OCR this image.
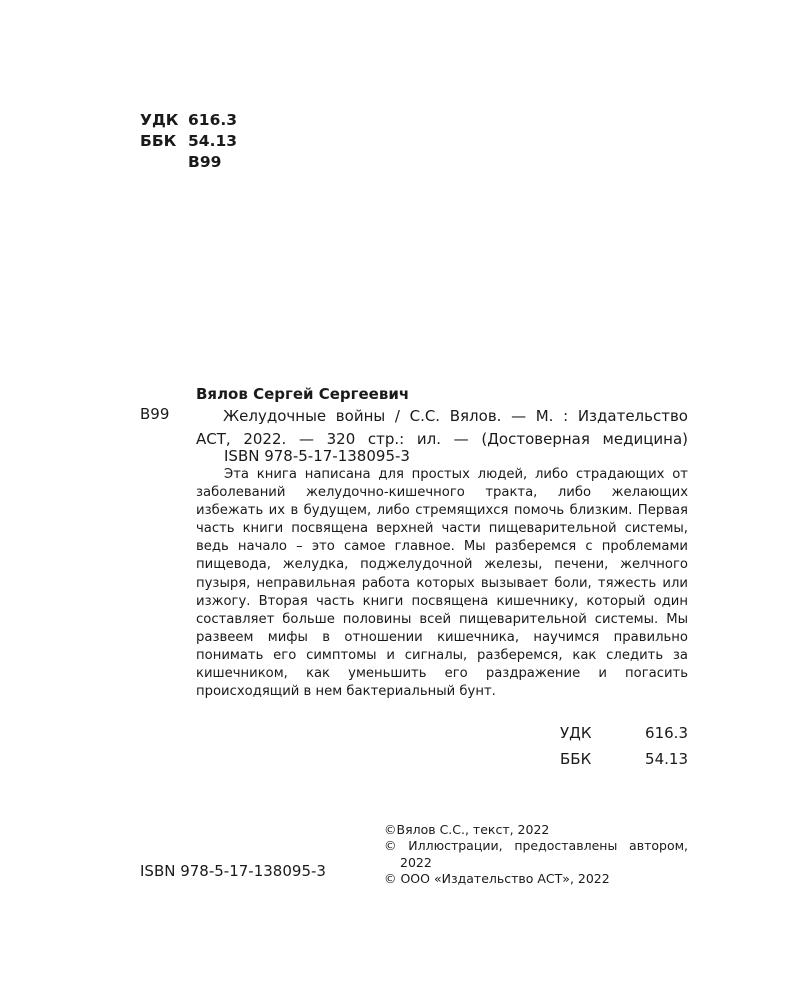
УДК 616.3
ББК 54.13
В99
Вялов Сергей Сергеевич
В99	Желудочные войны / С.С. Вялов. — М. : Издательство АСТ, 2022. — 320 стр.: ил. — (Достоверная медицина)
ISBN 978-5-17-138095-3
Эта книга написана для простых людей, либо страдающих от заболеваний желудочно-кишечного тракта, либо желающих избежать их в будущем, либо стремящихся помочь близким. Первая часть книги посвящена верхней части пищеварительной системы, ведь начало – это самое главное. Мы разберемся с проблемами пищевода, желудка, поджелудочной железы, печени, желчного пузыря, неправильная работа которых вызывает боли, тяжесть или изжогу. Вторая часть книги посвящена кишечнику, который один составляет больше половины всей пищеварительной системы. Мы развеем мифы в отношении кишечника, научимся правильно понимать его симптомы и сигналы, разберемся, как следить за кишечником, как уменьшить его раздражение и погасить происходящий в нем бактериальный бунт.
УДК	616.3
ББК	54.13
ISBN 978-5-17-138095-3
©Вялов С.С., текст, 2022
© Иллюстрации, предоставлены автором,
2022
© ООО «Издательство АСТ», 2022
